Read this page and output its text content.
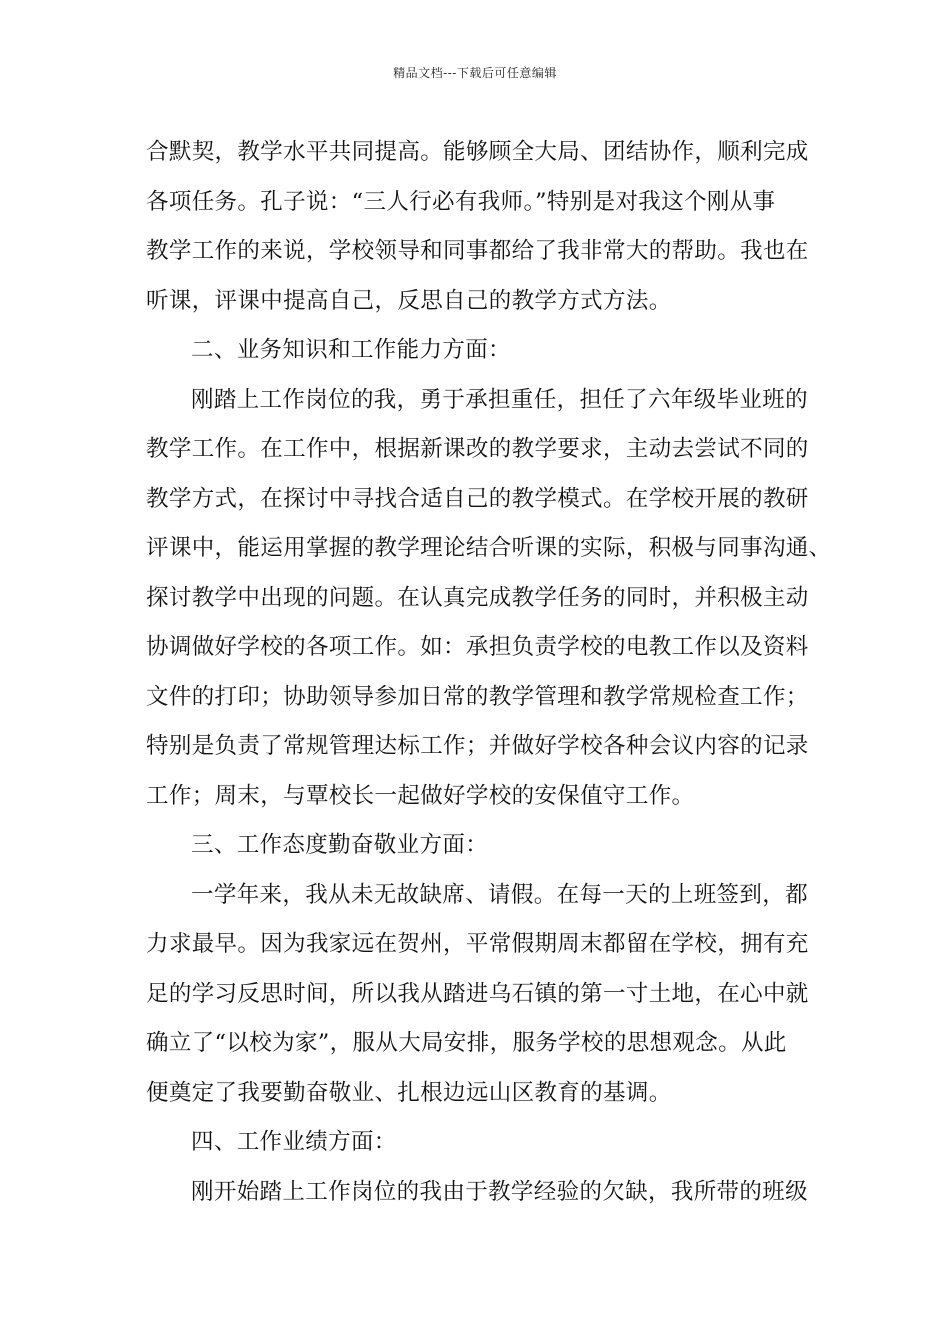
精品文档---下载后可任意编辑
合默契，教学水平共同提高。能够顾全大局、团结协作，顺利完成
各项任务。孔子说：“三人行必有我师。”特别是对我这个刚从事
教学工作的来说，学校领导和同事都给了我非常大的帮助。我也在
听课，评课中提高自己，反思自己的教学方式方法。
二、业务知识和工作能力方面：
刚踏上工作岗位的我，勇于承担重任，担任了六年级毕业班的
教学工作。在工作中，根据新课改的教学要求，主动去尝试不同的
教学方式，在探讨中寻找合适自己的教学模式。在学校开展的教研
评课中，能运用掌握的教学理论结合听课的实际，积极与同事沟通、
探讨教学中出现的问题。在认真完成教学任务的同时，并积极主动
协调做好学校的各项工作。如：承担负责学校的电教工作以及资料
文件的打印；协助领导参加日常的教学管理和教学常规检查工作；
特别是负责了常规管理达标工作；并做好学校各种会议内容的记录
工作；周末，与覃校长一起做好学校的安保值守工作。
三、工作态度勤奋敬业方面：
一学年来，我从未无故缺席、请假。在每一天的上班签到，都
力求最早。因为我家远在贺州，平常假期周末都留在学校，拥有充
足的学习反思时间，所以我从踏进乌石镇的第一寸土地，在心中就
确立了“以校为家”，服从大局安排，服务学校的思想观念。从此
便奠定了我要勤奋敬业、扎根边远山区教育的基调。
四、工作业绩方面：
刚开始踏上工作岗位的我由于教学经验的欠缺，我所带的班级
